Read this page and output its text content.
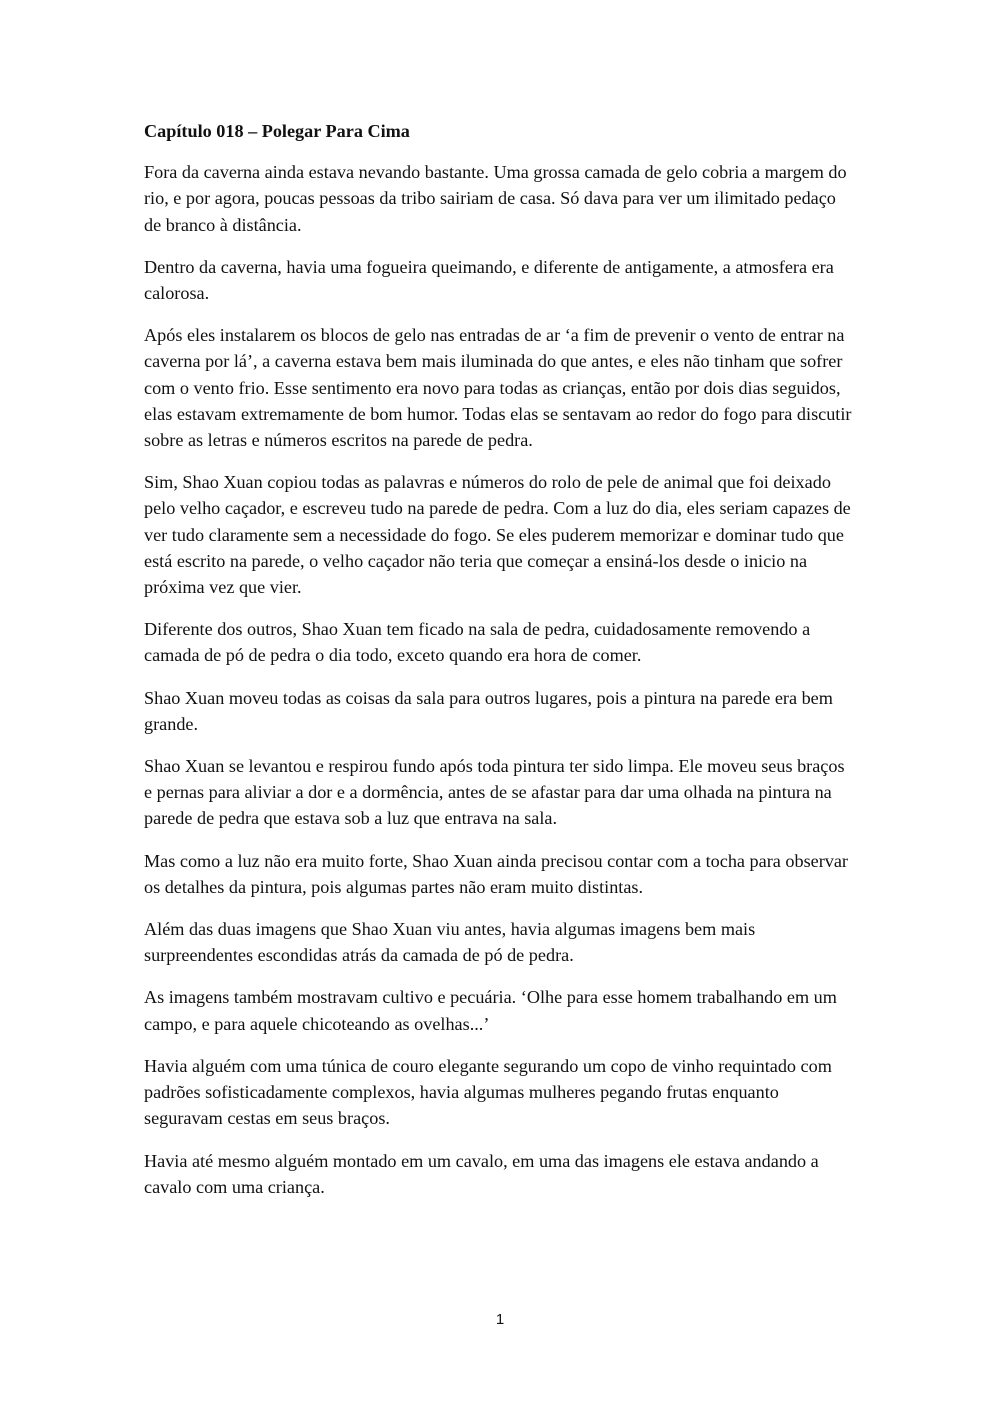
Capítulo 018 – Polegar Para Cima

Fora da caverna ainda estava nevando bastante. Uma grossa camada de gelo cobria a margem do rio, e por agora, poucas pessoas da tribo sairiam de casa. Só dava para ver um ilimitado pedaço de branco à distância.

Dentro da caverna, havia uma fogueira queimando, e diferente de antigamente, a atmosfera era calorosa.

Após eles instalarem os blocos de gelo nas entradas de ar ‘a fim de prevenir o vento de entrar na caverna por lá’, a caverna estava bem mais iluminada do que antes, e eles não tinham que sofrer com o vento frio. Esse sentimento era novo para todas as crianças, então por dois dias seguidos, elas estavam extremamente de bom humor. Todas elas se sentavam ao redor do fogo para discutir sobre as letras e números escritos na parede de pedra.

Sim, Shao Xuan copiou todas as palavras e números do rolo de pele de animal que foi deixado pelo velho caçador, e escreveu tudo na parede de pedra. Com a luz do dia, eles seriam capazes de ver tudo claramente sem a necessidade do fogo. Se eles puderem memorizar e dominar tudo que está escrito na parede, o velho caçador não teria que começar a ensiná-los desde o inicio na próxima vez que vier.

Diferente dos outros, Shao Xuan tem ficado na sala de pedra, cuidadosamente removendo a camada de pó de pedra o dia todo, exceto quando era hora de comer.

Shao Xuan moveu todas as coisas da sala para outros lugares, pois a pintura na parede era bem grande.

Shao Xuan se levantou e respirou fundo após toda pintura ter sido limpa. Ele moveu seus braços e pernas para aliviar a dor e a dormência, antes de se afastar para dar uma olhada na pintura na parede de pedra que estava sob a luz que entrava na sala.

Mas como a luz não era muito forte, Shao Xuan ainda precisou contar com a tocha para observar os detalhes da pintura, pois algumas partes não eram muito distintas.

Além das duas imagens que Shao Xuan viu antes, havia algumas imagens bem mais surpreendentes escondidas atrás da camada de pó de pedra.

As imagens também mostravam cultivo e pecuária. ‘Olhe para esse homem trabalhando em um campo, e para aquele chicoteando as ovelhas...’

Havia alguém com uma túnica de couro elegante segurando um copo de vinho requintado com padrões sofisticadamente complexos, havia algumas mulheres pegando frutas enquanto seguravam cestas em seus braços.

Havia até mesmo alguém montado em um cavalo, em uma das imagens ele estava andando a cavalo com uma criança.

1
